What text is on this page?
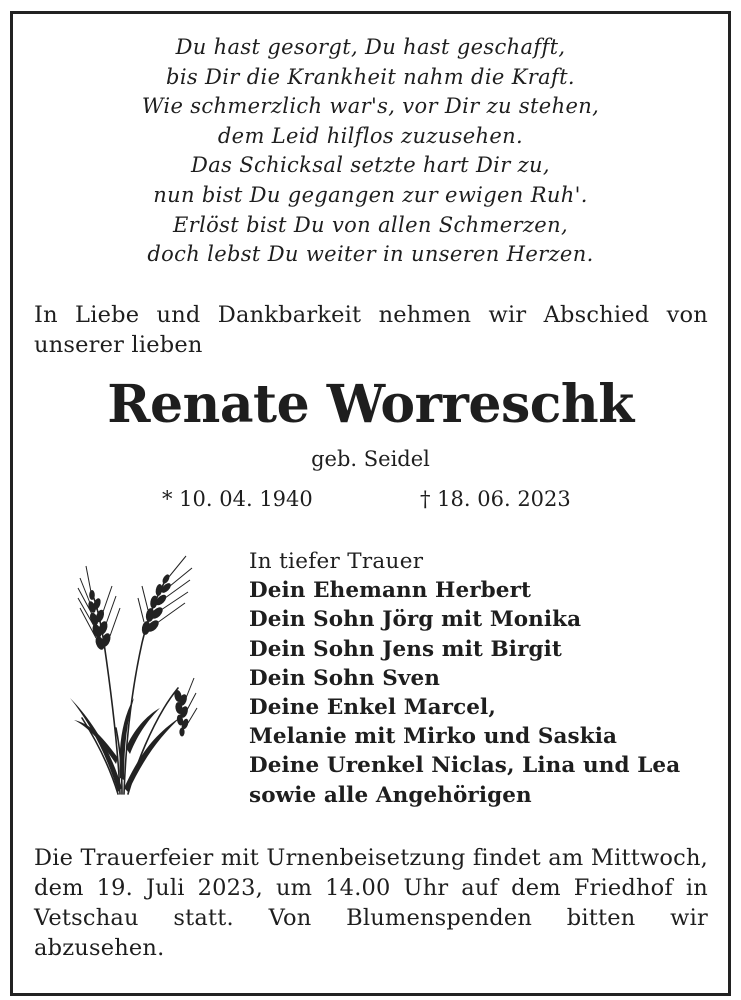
Du hast gesorgt, Du hast geschafft,
bis Dir die Krankheit nahm die Kraft.
Wie schmerzlich war's, vor Dir zu stehen,
dem Leid hilflos zuzusehen.
Das Schicksal setzte hart Dir zu,
nun bist Du gegangen zur ewigen Ruh'.
Erlöst bist Du von allen Schmerzen,
doch lebst Du weiter in unseren Herzen.
In Liebe und Dankbarkeit nehmen wir Abschied von unserer lieben
Renate Worreschk
geb. Seidel
* 10. 04. 1940	† 18. 06. 2023
In tiefer Trauer
Dein Ehemann Herbert
Dein Sohn Jörg mit Monika
Dein Sohn Jens mit Birgit
Dein Sohn Sven
Deine Enkel Marcel,
Melanie mit Mirko und Saskia
Deine Urenkel Niclas, Lina und Lea
sowie alle Angehörigen
Die Trauerfeier mit Urnenbeisetzung findet am Mittwoch, dem 19. Juli 2023, um 14.00 Uhr auf dem Friedhof in Vetschau statt. Von Blumenspenden bitten wir abzusehen.
